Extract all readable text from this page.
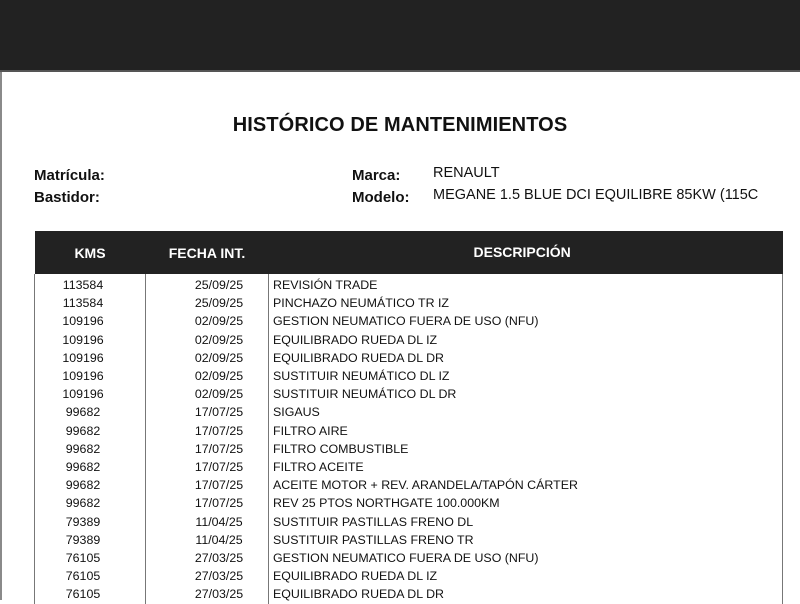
HISTÓRICO DE MANTENIMIENTOS
Matrícula:
Bastidor:
Marca: RENAULT
Modelo: MEGANE 1.5 BLUE DCI EQUILIBRE 85KW (115C
KMS	FECHA INT.	DESCRIPCIÓN
113584	25/09/25	REVISIÓN TRADE
113584	25/09/25	PINCHAZO NEUMÁTICO TR IZ
109196	02/09/25	GESTION NEUMATICO FUERA DE USO (NFU)
109196	02/09/25	EQUILIBRADO RUEDA DL IZ
109196	02/09/25	EQUILIBRADO RUEDA DL DR
109196	02/09/25	SUSTITUIR NEUMÁTICO DL IZ
109196	02/09/25	SUSTITUIR NEUMÁTICO DL DR
99682	17/07/25	SIGAUS
99682	17/07/25	FILTRO AIRE
99682	17/07/25	FILTRO COMBUSTIBLE
99682	17/07/25	FILTRO ACEITE
99682	17/07/25	ACEITE MOTOR + REV. ARANDELA/TAPÓN CÁRTER
99682	17/07/25	REV 25 PTOS NORTHGATE 100.000KM
79389	11/04/25	SUSTITUIR PASTILLAS FRENO DL
79389	11/04/25	SUSTITUIR PASTILLAS FRENO TR
76105	27/03/25	GESTION NEUMATICO FUERA DE USO (NFU)
76105	27/03/25	EQUILIBRADO RUEDA DL IZ
76105	27/03/25	EQUILIBRADO RUEDA DL DR
